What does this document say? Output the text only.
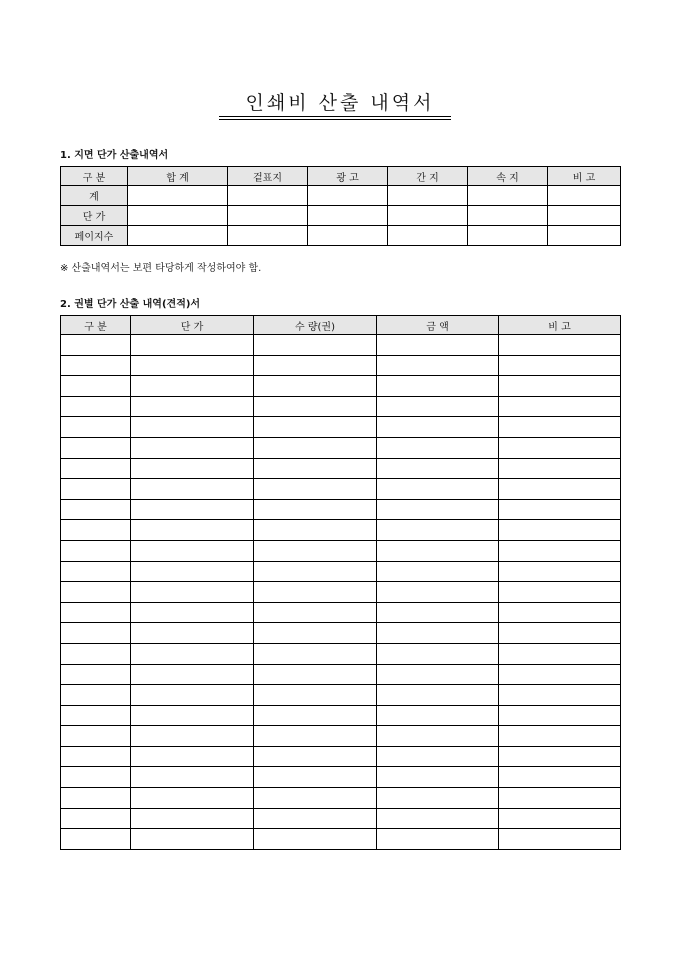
인쇄비 산출 내역서
1. 지면 단가 산출내역서
구 분	합 계	겉표지	광 고	간 지	속 지	비 고
계						
단 가						
페이지수						
※ 산출내역서는 보편 타당하게 작성하여야 함.
2. 권별 단가 산출 내역(견적)서
구 분	단 가	수 량(권)	금 액	비 고
